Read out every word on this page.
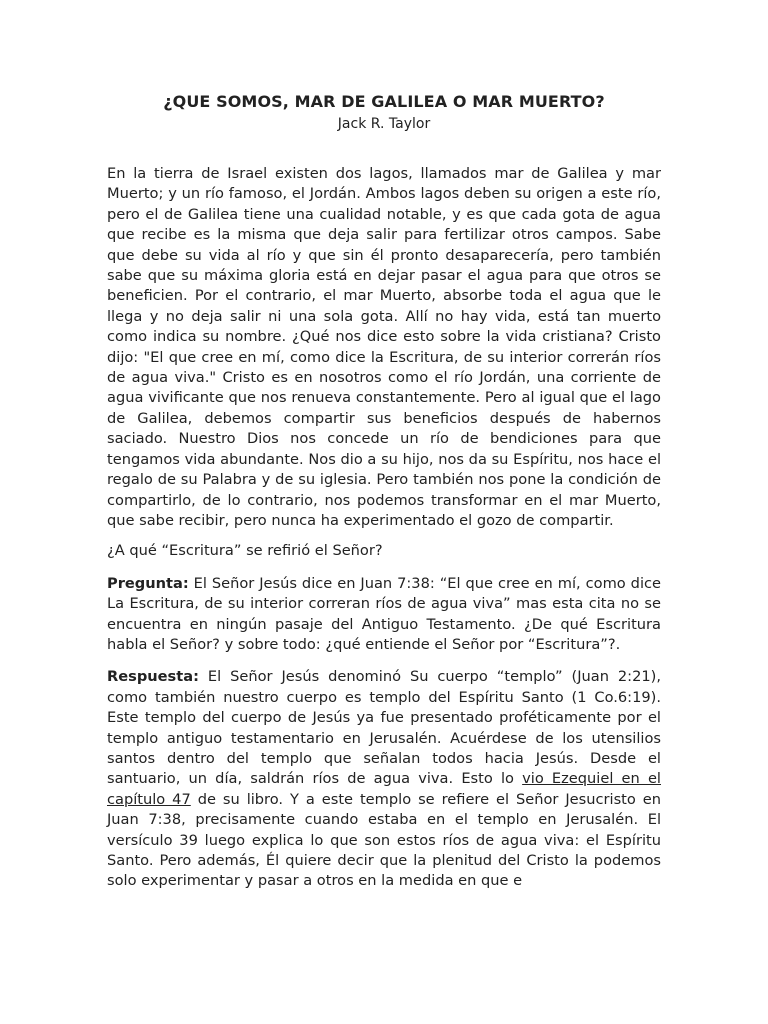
¿QUE SOMOS, MAR DE GALILEA O MAR MUERTO?
Jack R. Taylor

En la tierra de Israel existen dos lagos, llamados mar de Galilea y mar Muerto; y un río famoso, el Jordán. Ambos lagos deben su origen a este río, pero el de Galilea tiene una cualidad notable, y es que cada gota de agua que recibe es la misma que deja salir para fertilizar otros campos. Sabe que debe su vida al río y que sin él pronto desaparecería, pero también sabe que su máxima gloria está en dejar pasar el agua para que otros se beneficien. Por el contrario, el mar Muerto, absorbe toda el agua que le llega y no deja salir ni una sola gota. Allí no hay vida, está tan muerto como indica su nombre. ¿Qué nos dice esto sobre la vida cristiana? Cristo dijo: "El que cree en mí, como dice la Escritura, de su interior correrán ríos de agua viva." Cristo es en nosotros como el río Jordán, una corriente de agua vivificante que nos renueva constantemente. Pero al igual que el lago de Galilea, debemos compartir sus beneficios después de habernos saciado. Nuestro Dios nos concede un río de bendiciones para que tengamos vida abundante. Nos dio a su hijo, nos da su Espíritu, nos hace el regalo de su Palabra y de su iglesia. Pero también nos pone la condición de compartirlo, de lo contrario, nos podemos transformar en el mar Muerto, que sabe recibir, pero nunca ha experimentado el gozo de compartir.

¿A qué “Escritura” se refirió el Señor?

Pregunta: El Señor Jesús dice en Juan 7:38: “El que cree en mí, como dice La Escritura, de su interior correran ríos de agua viva” mas esta cita no se encuentra en ningún pasaje del Antiguo Testamento. ¿De qué Escritura habla el Señor? y sobre todo: ¿qué entiende el Señor por “Escritura”?.

Respuesta: El Señor Jesús denominó Su cuerpo “templo” (Juan 2:21), como también nuestro cuerpo es templo del Espíritu Santo (1 Co.6:19). Este templo del cuerpo de Jesús ya fue presentado proféticamente por el templo antiguo testamentario en Jerusalén. Acuérdese de los utensilios santos dentro del templo que señalan todos hacia Jesús. Desde el santuario, un día, saldrán ríos de agua viva. Esto lo vio Ezequiel en el capítulo 47 de su libro. Y a este templo se refiere el Señor Jesucristo en Juan 7:38, precisamente cuando estaba en el templo en Jerusalén. El versículo 39 luego explica lo que son estos ríos de agua viva: el Espíritu Santo. Pero además, Él quiere decir que la plenitud del Cristo la podemos solo experimentar y pasar a otros en la medida en que e
